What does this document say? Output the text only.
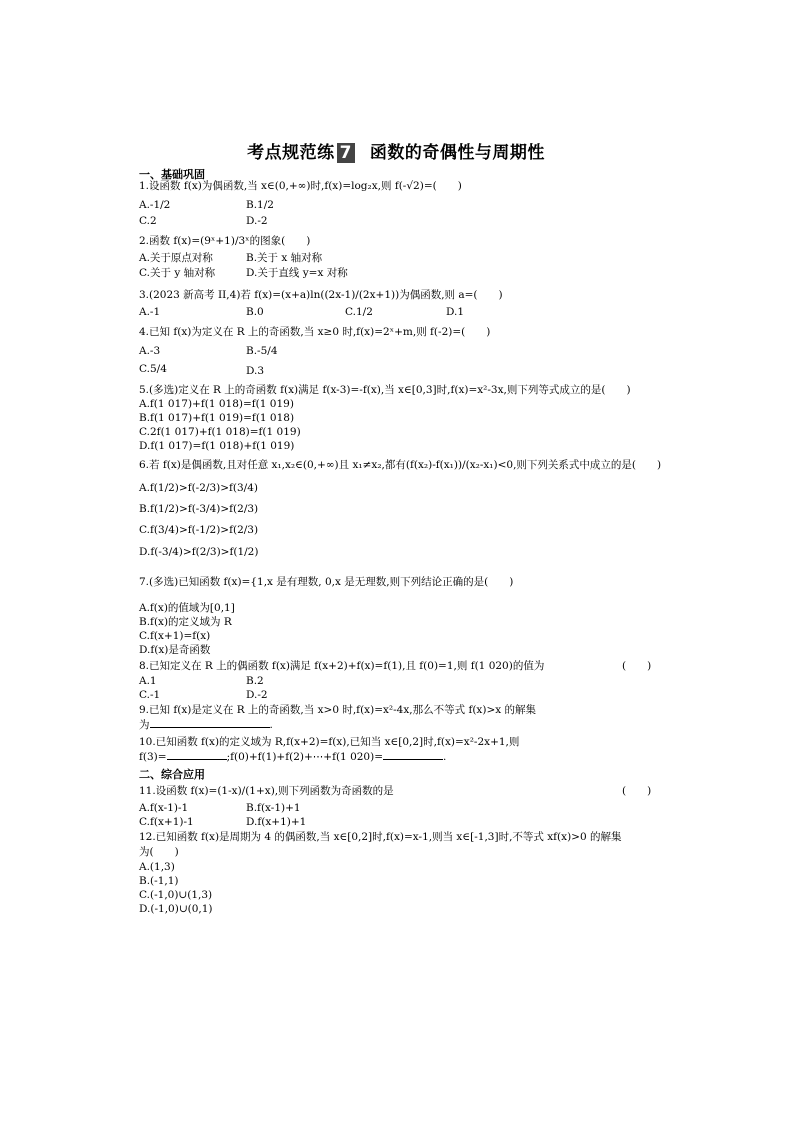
考点规范练 7 函数的奇偶性与周期性
一、基础巩固
1.设函数 f(x)为偶函数,当 x∈(0,+∞)时,f(x)=log₂x,则 f(-√2)=(　　)
A.-1/2	B.1/2
C.2	D.-2
2.函数 f(x)=(9ˣ+1)/3ˣ的图象(　　)
A.关于原点对称	B.关于 x 轴对称
C.关于 y 轴对称	D.关于直线 y=x 对称
3.(2023 新高考 II,4)若 f(x)=(x+a)ln((2x-1)/(2x+1))为偶函数,则 a=(　　)
A.-1	B.0	C.1/2	D.1
4.已知 f(x)为定义在 R 上的奇函数,当 x≥0 时,f(x)=2ˣ+m,则 f(-2)=(　　)
A.-3	B.-5/4
C.5/4	D.3
5.(多选)定义在 R 上的奇函数 f(x)满足 f(x-3)=-f(x),当 x∈[0,3]时,f(x)=x²-3x,则下列等式成立的是(　　)
A.f(1 017)+f(1 018)=f(1 019)
B.f(1 017)+f(1 019)=f(1 018)
C.2f(1 017)+f(1 018)=f(1 019)
D.f(1 017)=f(1 018)+f(1 019)
6.若 f(x)是偶函数,且对任意 x₁,x₂∈(0,+∞)且 x₁≠x₂,都有(f(x₂)-f(x₁))/(x₂-x₁)<0,则下列关系式中成立的是(　　)
A.f(1/2)>f(-2/3)>f(3/4)
B.f(1/2)>f(-3/4)>f(2/3)
C.f(3/4)>f(-1/2)>f(2/3)
D.f(-3/4)>f(2/3)>f(1/2)
7.(多选)已知函数 f(x)={1,x 是有理数, 0,x 是无理数,则下列结论正确的是(　　)
A.f(x)的值域为[0,1]
B.f(x)的定义域为 R
C.f(x+1)=f(x)
D.f(x)是奇函数
8.已知定义在 R 上的偶函数 f(x)满足 f(x+2)+f(x)=f(1),且 f(0)=1,则 f(1 020)的值为	(　　)
A.1	B.2
C.-1	D.-2
9.已知 f(x)是定义在 R 上的奇函数,当 x>0 时,f(x)=x²-4x,那么不等式 f(x)>x 的解集
为	.
10.已知函数 f(x)的定义域为 R,f(x+2)=f(x),已知当 x∈[0,2]时,f(x)=x²-2x+1,则
f(3)=	;f(0)+f(1)+f(2)+⋯+f(1 020)=	.
二、综合应用
11.设函数 f(x)=(1-x)/(1+x),则下列函数为奇函数的是	(　　)
A.f(x-1)-1	B.f(x-1)+1
C.f(x+1)-1	D.f(x+1)+1
12.已知函数 f(x)是周期为 4 的偶函数,当 x∈[0,2]时,f(x)=x-1,则当 x∈[-1,3]时,不等式 xf(x)>0 的解集
为(　　)
A.(1,3)
B.(-1,1)
C.(-1,0)∪(1,3)
D.(-1,0)∪(0,1)
